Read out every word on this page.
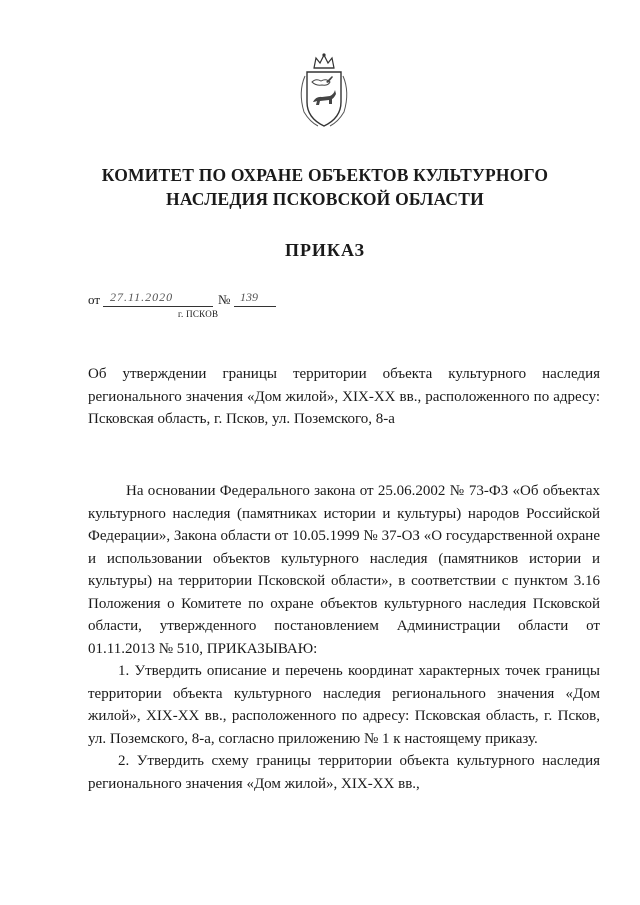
КОМИТЕТ ПО ОХРАНЕ ОБЪЕКТОВ КУЛЬТУРНОГО
НАСЛЕДИЯ ПСКОВСКОЙ ОБЛАСТИ
ПРИКАЗ
от 27.11.2020	№ 139
г. ПСКОВ

Об утверждении границы территории объекта культурного наследия регионального значения «Дом жилой», XIX-XX вв., расположенного по адресу: Псковская область, г. Псков, ул. Поземского, 8-а

На основании Федерального закона от 25.06.2002 № 73-ФЗ «Об объектах культурного наследия (памятниках истории и культуры) народов Российской Федерации», Закона области от 10.05.1999 № 37-ОЗ «О государственной охране и использовании объектов культурного наследия (памятников истории и культуры) на территории Псковской области», в соответствии с пунктом 3.16 Положения о Комитете по охране объектов культурного наследия Псковской области, утвержденного постановлением Администрации области от 01.11.2013 № 510, ПРИКАЗЫВАЮ:

1. Утвердить описание и перечень координат характерных точек границы территории объекта культурного наследия регионального значения «Дом жилой», XIX-XX вв., расположенного по адресу: Псковская область, г. Псков, ул. Поземского, 8-а, согласно приложению № 1 к настоящему приказу.

2. Утвердить схему границы территории объекта культурного наследия регионального значения «Дом жилой», XIX-XX вв.,
